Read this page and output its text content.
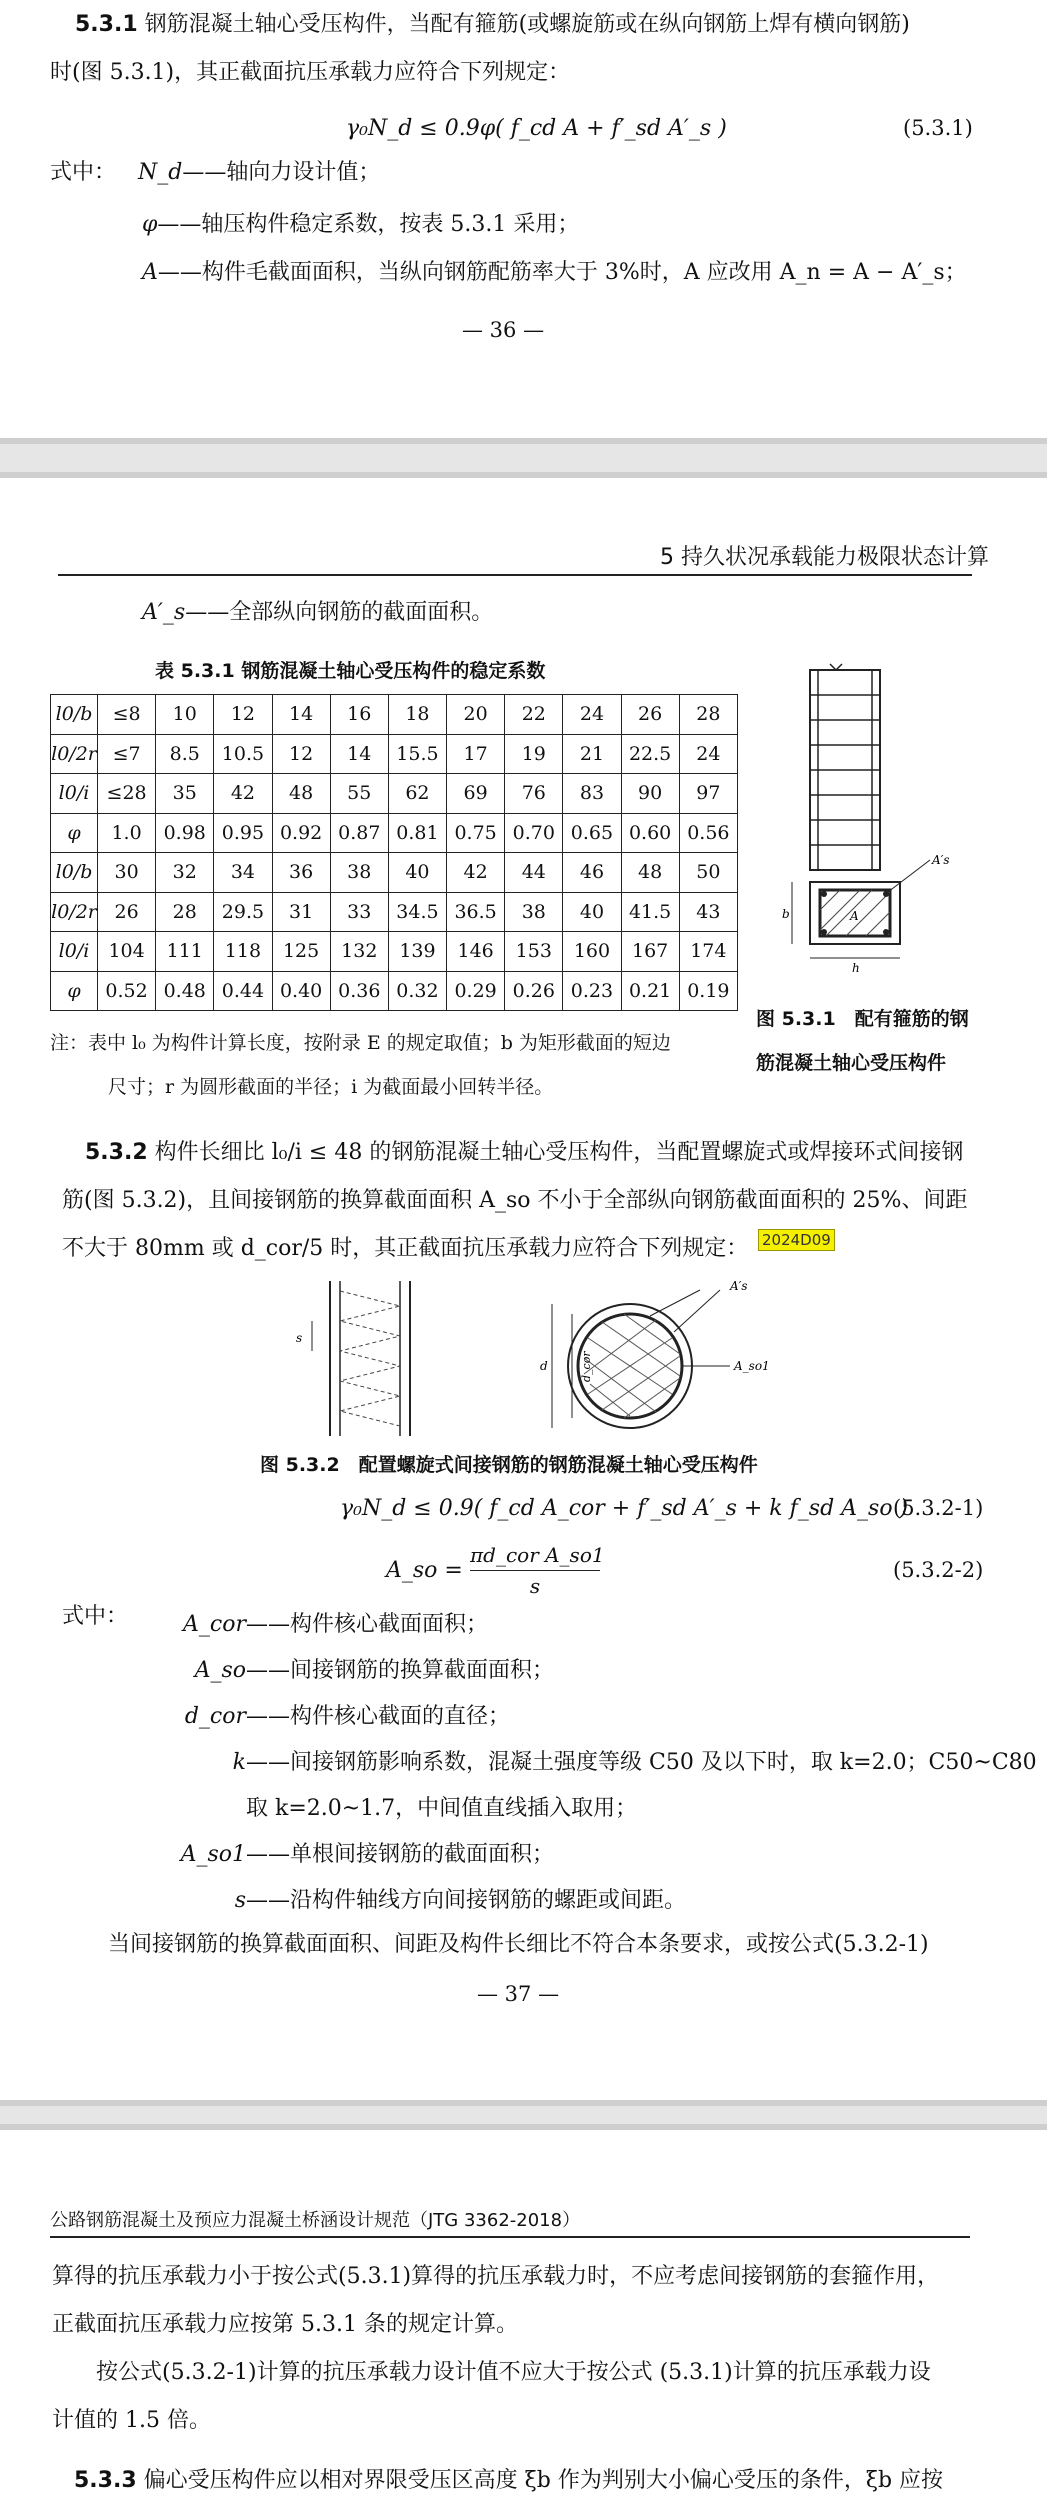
5.3.1 钢筋混凝土轴心受压构件，当配有箍筋(或螺旋筋或在纵向钢筋上焊有横向钢筋)
时(图 5.3.1)，其正截面抗压承载力应符合下列规定：
γ₀N_d ≤ 0.9φ( f_cd A + f′_sd A′_s )	(5.3.1)
式中： N_d——轴向力设计值；
φ——轴压构件稳定系数，按表 5.3.1 采用；
A——构件毛截面面积，当纵向钢筋配筋率大于 3%时，A 应改用 A_n = A − A′_s；
— 36 —
5 持久状况承载能力极限状态计算
A′_s——全部纵向钢筋的截面面积。
表 5.3.1 钢筋混凝土轴心受压构件的稳定系数
l0/b	≤8	10	12	14	16	18	20	22	24	26	28
l0/2r	≤7	8.5	10.5	12	14	15.5	17	19	21	22.5	24
l0/i	≤28	35	42	48	55	62	69	76	83	90	97
φ	1.0	0.98	0.95	0.92	0.87	0.81	0.75	0.70	0.65	0.60	0.56
l0/b	30	32	34	36	38	40	42	44	46	48	50
l0/2r	26	28	29.5	31	33	34.5	36.5	38	40	41.5	43
l0/i	104	111	118	125	132	139	146	153	160	167	174
φ	0.52	0.48	0.44	0.40	0.36	0.32	0.29	0.26	0.23	0.21	0.19
注：表中 l₀ 为构件计算长度，按附录 E 的规定取值；b 为矩形截面的短边
尺寸；r 为圆形截面的半径；i 为截面最小回转半径。
A′s
A
b
h
图 5.3.1　配有箍筋的钢
筋混凝土轴心受压构件
5.3.2 构件长细比 l₀/i ≤ 48 的钢筋混凝土轴心受压构件，当配置螺旋式或焊接环式间接钢
筋(图 5.3.2)，且间接钢筋的换算截面面积 A_so 不小于全部纵向钢筋截面面积的 25%、间距
不大于 80mm 或 d_cor/5 时，其正截面抗压承载力应符合下列规定： 2024D09
s
A′s
A_so1
d	d_cor
图 5.3.2　配置螺旋式间接钢筋的钢筋混凝土轴心受压构件
γ₀N_d ≤ 0.9( f_cd A_cor + f′_sd A′_s + k f_sd A_so )
(5.3.2-1)
A_so =
πd_cor A_so1
s
(5.3.2-2)
式中：	A_cor——构件核心截面面积；
A_so——间接钢筋的换算截面面积；
d_cor——构件核心截面的直径；
k——间接钢筋影响系数，混凝土强度等级 C50 及以下时，取 k=2.0；C50~C80
取 k=2.0~1.7，中间值直线插入取用；
A_so1——单根间接钢筋的截面面积；
s——沿构件轴线方向间接钢筋的螺距或间距。
当间接钢筋的换算截面面积、间距及构件长细比不符合本条要求，或按公式(5.3.2-1)
— 37 —
公路钢筋混凝土及预应力混凝土桥涵设计规范（JTG 3362-2018）
算得的抗压承载力小于按公式(5.3.1)算得的抗压承载力时，不应考虑间接钢筋的套箍作用，
正截面抗压承载力应按第 5.3.1 条的规定计算。
按公式(5.3.2-1)计算的抗压承载力设计值不应大于按公式 (5.3.1)计算的抗压承载力设
计值的 1.5 倍。
5.3.3 偏心受压构件应以相对界限受压区高度 ξb 作为判别大小偏心受压的条件，ξb 应按
